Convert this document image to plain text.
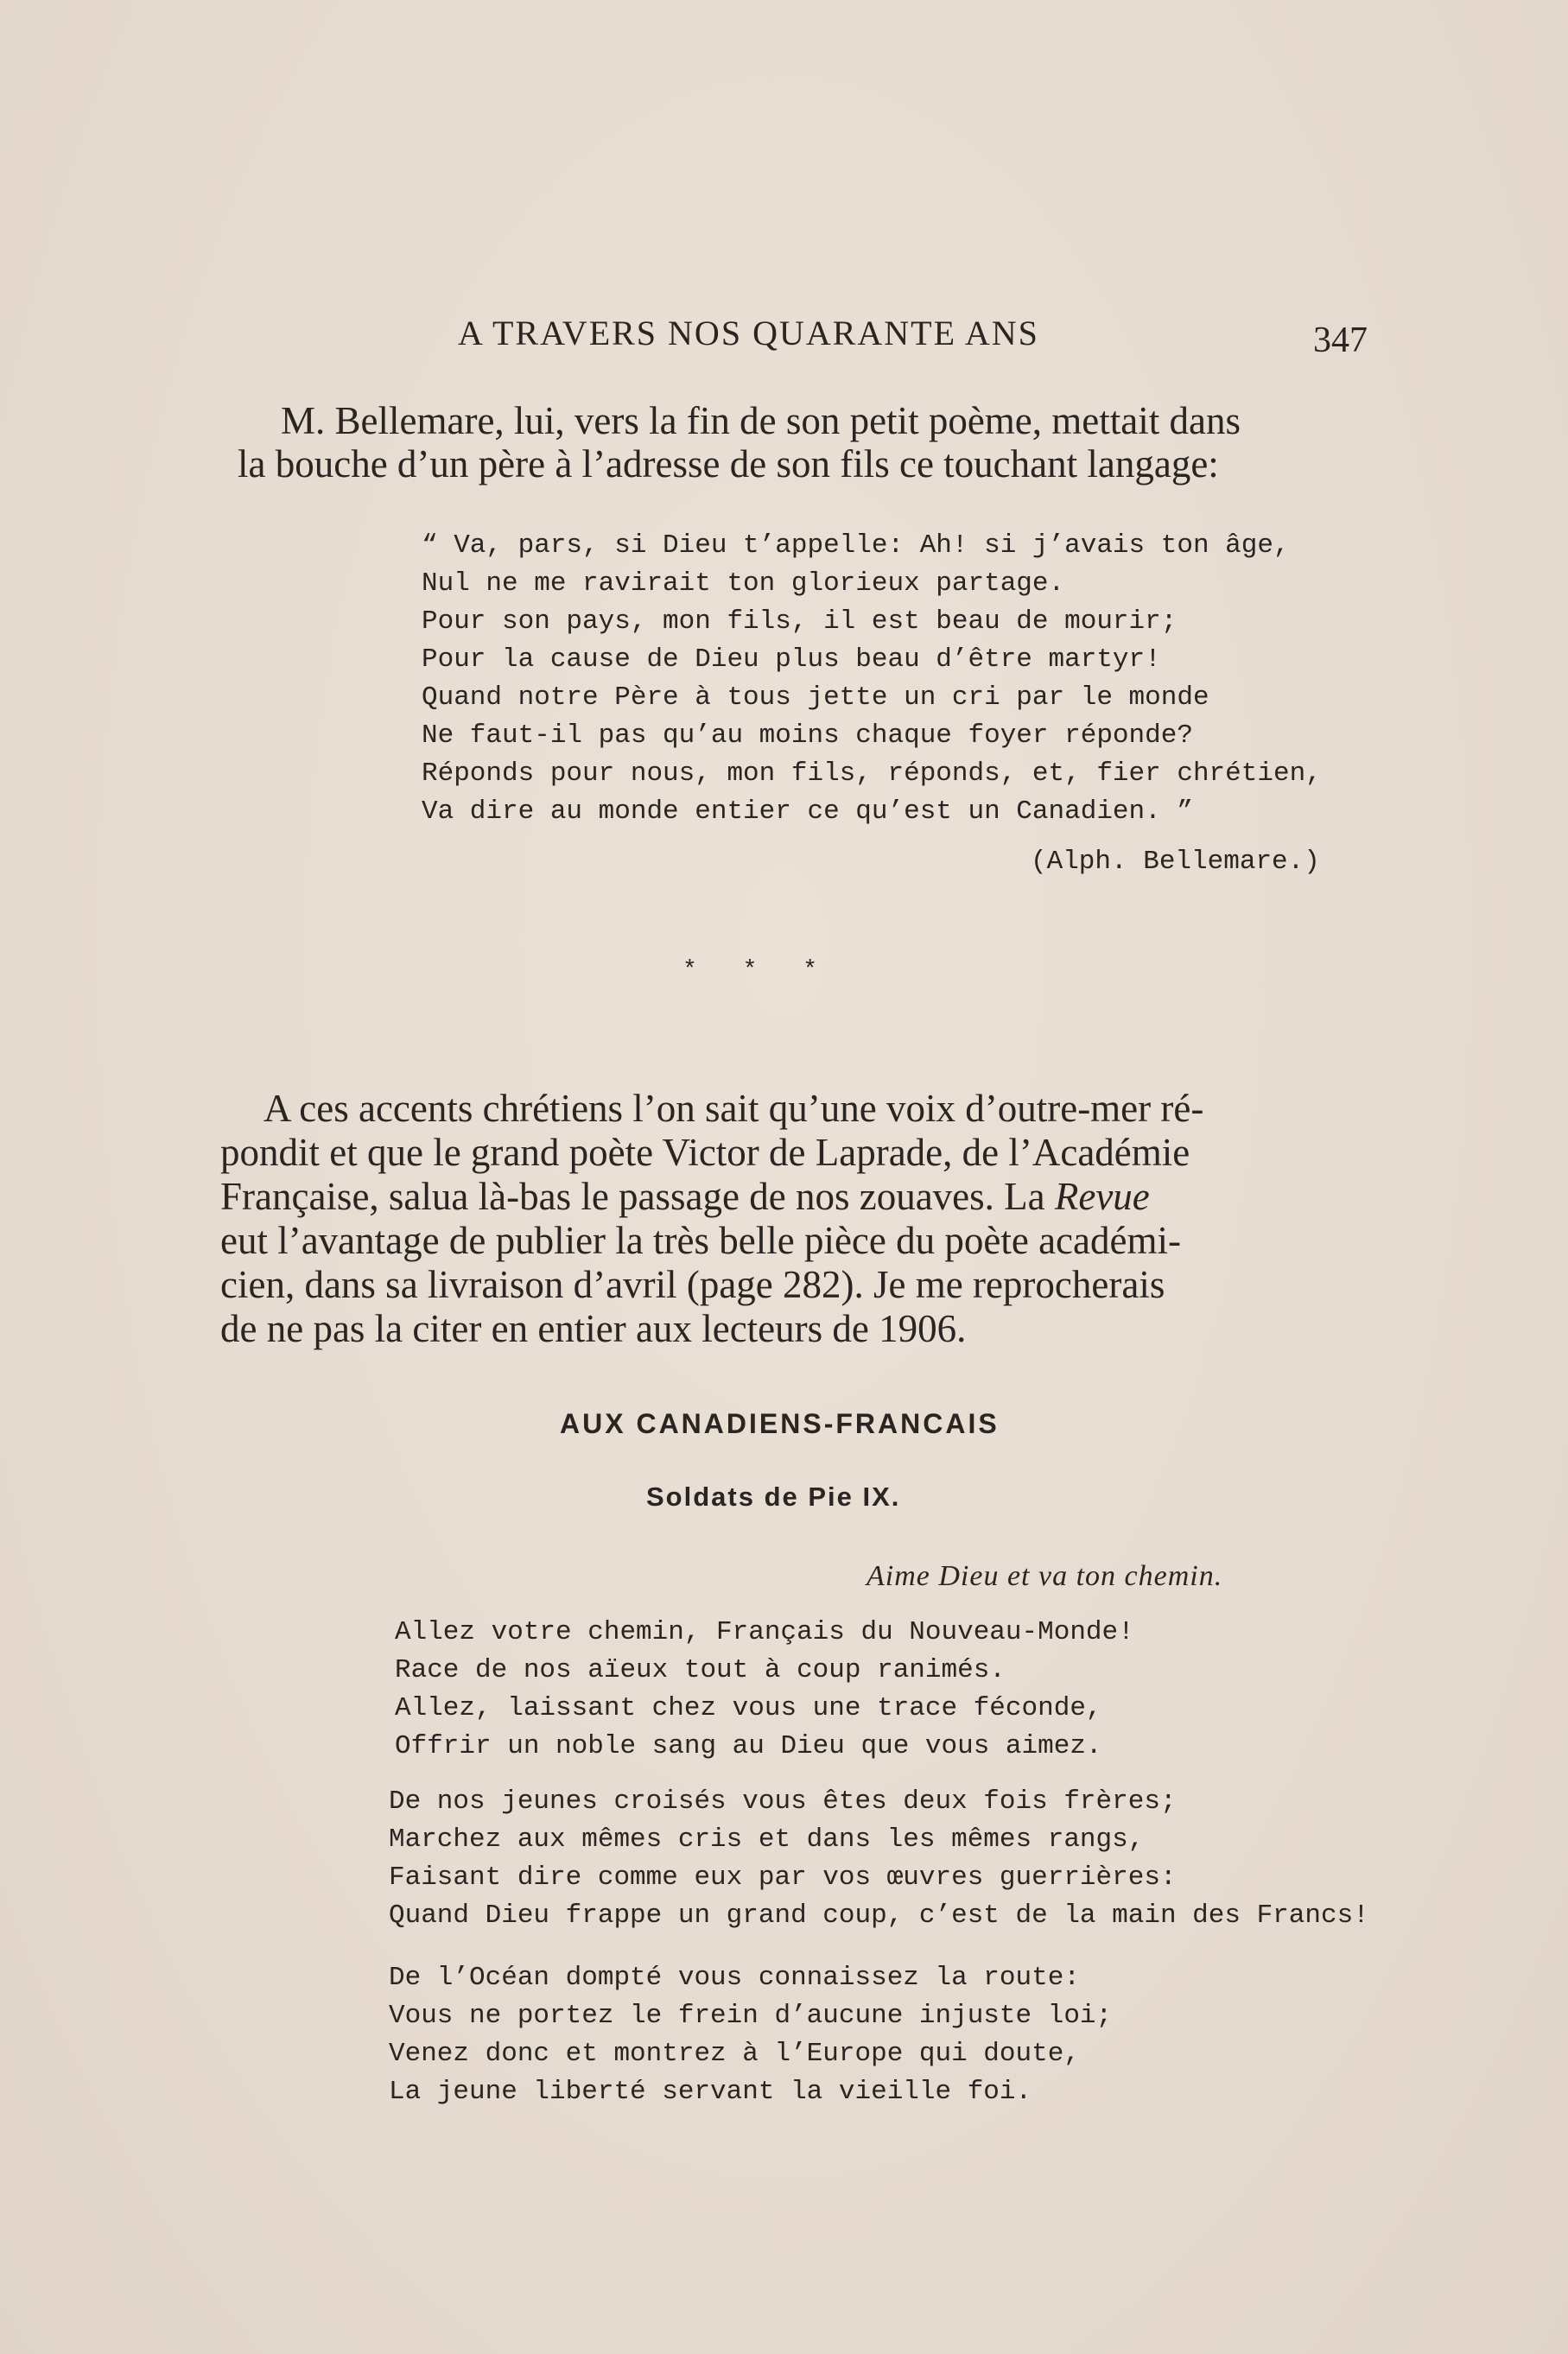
A TRAVERS NOS QUARANTE ANS	347
M. Bellemare, lui, vers la fin de son petit poème, mettait dans
la bouche d’un père à l’adresse de son fils ce touchant langage:
“ Va, pars, si Dieu t’appelle: Ah! si j’avais ton âge,
Nul ne me ravirait ton glorieux partage.
Pour son pays, mon fils, il est beau de mourir;
Pour la cause de Dieu plus beau d’être martyr!
Quand notre Père à tous jette un cri par le monde
Ne faut-il pas qu’au moins chaque foyer réponde?
Réponds pour nous, mon fils, réponds, et, fier chrétien,
Va dire au monde entier ce qu’est un Canadien. ”
(Alph. Bellemare.)
* * *
A ces accents chrétiens l’on sait qu’une voix d’outre-mer ré-
pondit et que le grand poète Victor de Laprade, de l’Académie
Française, salua là-bas le passage de nos zouaves. La Revue
eut l’avantage de publier la très belle pièce du poète académi-
cien, dans sa livraison d’avril (page 282). Je me reprocherais
de ne pas la citer en entier aux lecteurs de 1906.
AUX CANADIENS-FRANCAIS
Soldats de Pie IX.
Aime Dieu et va ton chemin.
Allez votre chemin, Français du Nouveau-Monde!
Race de nos aïeux tout à coup ranimés.
Allez, laissant chez vous une trace féconde,
Offrir un noble sang au Dieu que vous aimez.
De nos jeunes croisés vous êtes deux fois frères;
Marchez aux mêmes cris et dans les mêmes rangs,
Faisant dire comme eux par vos œuvres guerrières:
Quand Dieu frappe un grand coup, c’est de la main des Francs!
De l’Océan dompté vous connaissez la route:
Vous ne portez le frein d’aucune injuste loi;
Venez donc et montrez à l’Europe qui doute,
La jeune liberté servant la vieille foi.
